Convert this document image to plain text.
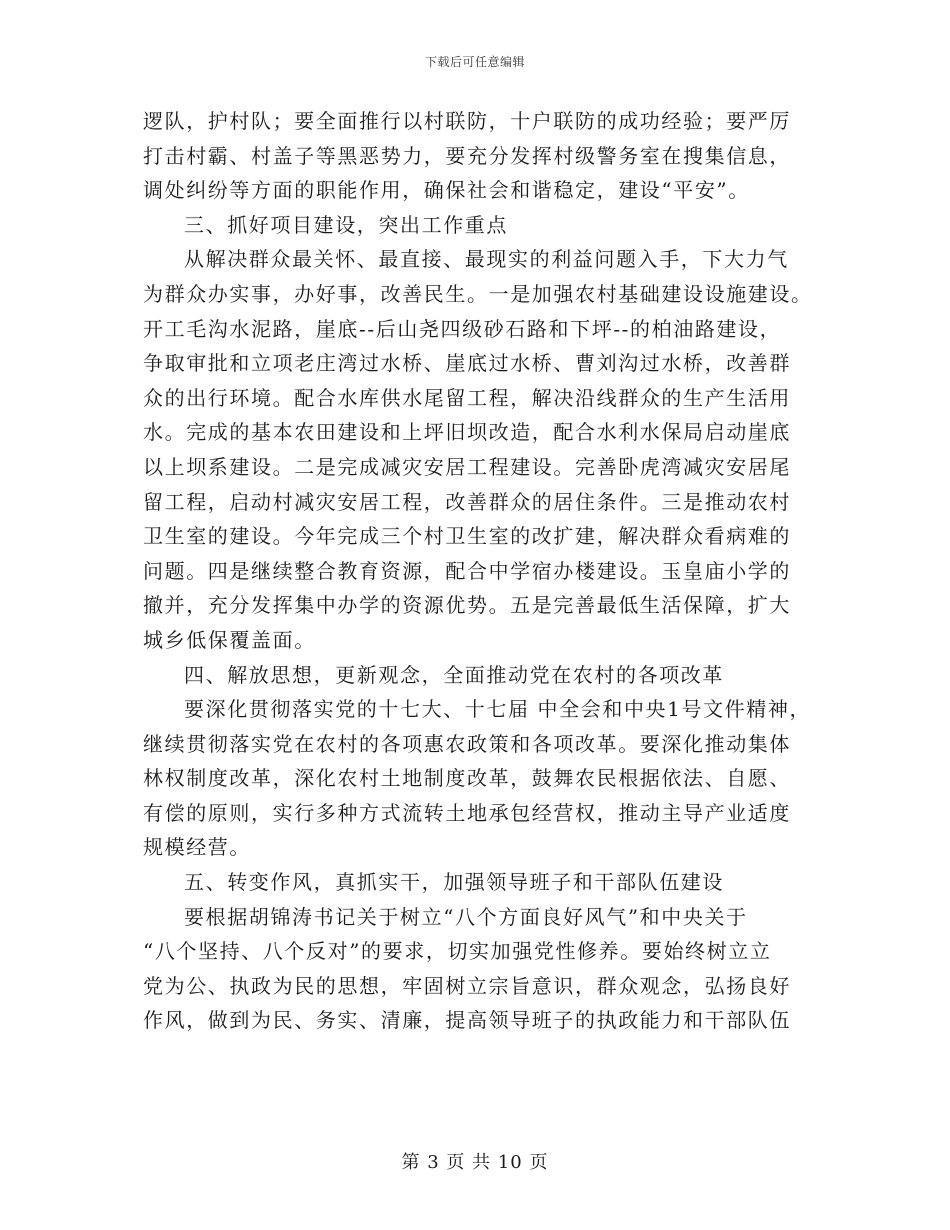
下载后可任意编辑
逻队，护村队；要全面推行以村联防，十户联防的成功经验；要严厉
打击村霸、村盖子等黑恶势力，要充分发挥村级警务室在搜集信息，
调处纠纷等方面的职能作用，确保社会和谐稳定，建设“平安”。
三、抓好项目建设，突出工作重点
从解决群众最关怀、最直接、最现实的利益问题入手，下大力气
为群众办实事，办好事，改善民生。一是加强农村基础建设设施建设。
开工毛沟水泥路，崖底--后山尧四级砂石路和下坪--的柏油路建设，
争取审批和立项老庄湾过水桥、崖底过水桥、曹刘沟过水桥，改善群
众的出行环境。配合水库供水尾留工程，解决沿线群众的生产生活用
水。完成的基本农田建设和上坪旧坝改造，配合水利水保局启动崖底
以上坝系建设。二是完成减灾安居工程建设。完善卧虎湾减灾安居尾
留工程，启动村减灾安居工程，改善群众的居住条件。三是推动农村
卫生室的建设。今年完成三个村卫生室的改扩建，解决群众看病难的
问题。四是继续整合教育资源，配合中学宿办楼建设。玉皇庙小学的
撤并，充分发挥集中办学的资源优势。五是完善最低生活保障，扩大
城乡低保覆盖面。
四、解放思想，更新观念，全面推动党在农村的各项改革
要深化贯彻落实党的十七大、十七届 中全会和中央1号文件精神，
继续贯彻落实党在农村的各项惠农政策和各项改革。要深化推动集体
林权制度改革，深化农村土地制度改革，鼓舞农民根据依法、自愿、
有偿的原则，实行多种方式流转土地承包经营权，推动主导产业适度
规模经营。
五、转变作风，真抓实干，加强领导班子和干部队伍建设
要根据胡锦涛书记关于树立“八个方面良好风气”和中央关于
“八个坚持、八个反对”的要求，切实加强党性修养。要始终树立立
党为公、执政为民的思想，牢固树立宗旨意识，群众观念，弘扬良好
作风，做到为民、务实、清廉，提高领导班子的执政能力和干部队伍
第 3 页 共 10 页
